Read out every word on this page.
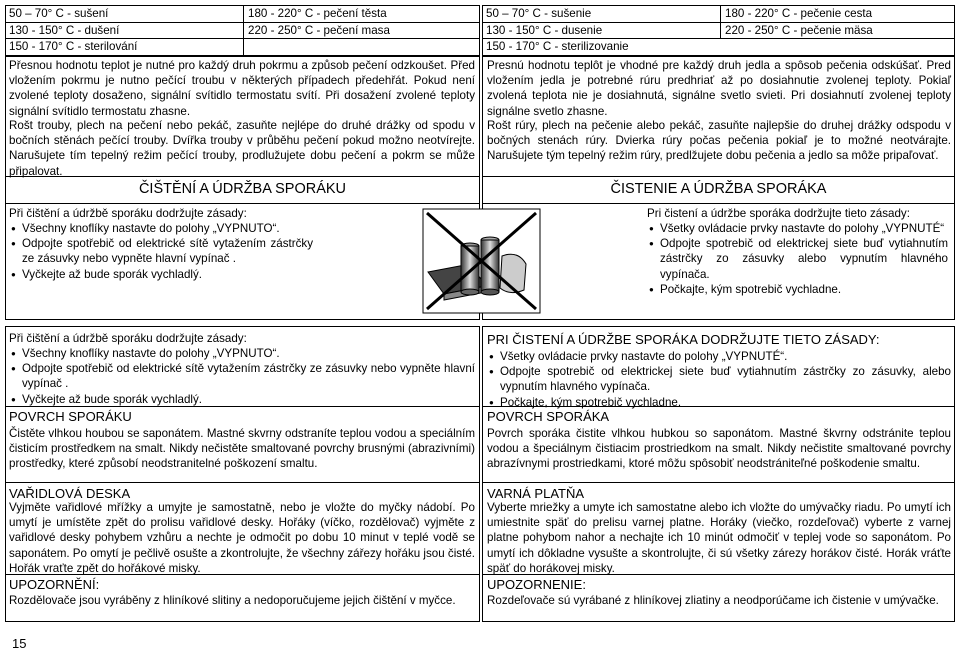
50 – 70° C - sušení	180 - 220° C - pečení těsta
130 - 150° C - dušení	220 - 250° C - pečení masa
150 - 170° C - sterilování
50 – 70° C - sušenie	180 - 220° C - pečenie cesta
130 - 150° C - dusenie	220 - 250° C - pečenie mäsa
150 - 170° C - sterilizovanie

Přesnou hodnotu teplot je nutné pro každý druh pokrmu a způsob pečení odzkoušet. Před vložením pokrmu je nutno pečící troubu v některých případech předehřát. Pokud není zvolené teploty dosaženo, signální svítidlo termostatu svítí. Při dosažení zvolené teploty signální svítidlo termostatu zhasne.

Rošt trouby, plech na pečení nebo pekáč, zasuňte nejlépe do druhé drážky od spodu v bočních stěnách pečící trouby. Dvířka trouby v průběhu pečení pokud možno neotvírejte. Narušujete tím tepelný režim pečící trouby, prodlužujete dobu pečení a pokrm se může připalovat.

Presnú hodnotu teplôt je vhodné pre každý druh jedla a spôsob pečenia odskúšať. Pred vložením jedla je potrebné rúru predhriať až po dosiahnutie zvolenej teploty. Pokiaľ zvolená teplota nie je dosiahnutá, signálne svetlo svieti. Pri dosiahnutí zvolenej teploty signálne svetlo zhasne.

Rošt rúry, plech na pečenie alebo pekáč, zasuňte najlepšie do druhej drážky odspodu v bočných stenách rúry. Dvierka rúry počas pečenia pokiaľ je to možné neotvárajte. Narušujete tým tepelný režim rúry, predlžujete dobu pečenia a jedlo sa môže pripaľovať.

ČIŠTĚNÍ A ÚDRŽBA SPORÁKU	ČISTENIE A ÚDRŽBA SPORÁKA
Při čištění a údržbě sporáku dodržujte zásady:
● Všechny knoflíky nastavte do polohy „VYPNUTO“.
● Odpojte spotřebič od elektrické sítě vytažením zástrčky ze zásuvky nebo vypněte hlavní vypínač .
● Vyčkejte až bude sporák vychladlý.
Pri čistení a údržbe sporáka dodržujte tieto zásady:
● Všetky ovládacie prvky nastavte do polohy „VYPNUTÉ“
● Odpojte spotrebič od elektrickej siete buď vytiahnutím zástrčky zo zásuvky alebo vypnutím hlavného vypínača.
● Počkajte, kým spotrebič vychladne.
Při čištění a údržbě sporáku dodržujte zásady:
● Všechny knoflíky nastavte do polohy „VYPNUTO“.
● Odpojte spotřebič od elektrické sítě vytažením zástrčky ze zásuvky nebo vypněte hlavní vypínač .
● Vyčkejte až bude sporák vychladlý.
POVRCH SPORÁKU

Čistěte vlhkou houbou se saponátem. Mastné skvrny odstraníte teplou vodou a speciálním čisticím prostředkem na smalt. Nikdy nečistěte smaltované povrchy brusnými (abrazivními) prostředky, které způsobí neodstranitelné poškození smaltu.

VAŘIDLOVÁ DESKA

Vyjměte vařidlové mřížky a umyjte je samostatně, nebo je vložte do myčky nádobí. Po umytí je umístěte zpět do prolisu vařidlové desky. Hořáky (víčko, rozdělovač) vyjměte z vařidlové desky pohybem vzhůru a nechte je odmočit po dobu 10 minut v teplé vodě se saponátem. Po omytí je pečlivě osušte a zkontrolujte, že všechny zářezy hořáku jsou čisté. Hořák vraťte zpět do hořákové misky.

UPOZORNĚNÍ:

Rozdělovače jsou vyráběny z hliníkové slitiny a nedoporučujeme jejich čištění v myčce.

PRI ČISTENÍ A ÚDRŽBE SPORÁKA DODRŽUJTE TIETO ZÁSADY:
● Všetky ovládacie prvky nastavte do polohy „VYPNUTÉ“.
● Odpojte spotrebič od elektrickej siete buď vytiahnutím zástrčky zo zásuvky, alebo vypnutím hlavného vypínača.
● Počkajte, kým spotrebič vychladne.
POVRCH SPORÁKA

Povrch sporáka čistite vlhkou hubkou so saponátom. Mastné škvrny odstránite teplou vodou a špeciálnym čistiacim prostriedkom na smalt. Nikdy nečistite smaltované povrchy abrazívnymi prostriedkami, ktoré môžu spôsobiť neodstrániteľné poškodenie smaltu.

VARNÁ PLATŇA

Vyberte mriežky a umyte ich samostatne alebo ich vložte do umývačky riadu. Po umytí ich umiestnite späť do prelisu varnej platne. Horáky (viečko, rozdeľovač) vyberte z varnej platne pohybom nahor a nechajte ich 10 minút odmočiť v teplej vode so saponátom. Po umytí ich dôkladne vysušte a skontrolujte, či sú všetky zárezy horákov čisté. Horák vráťte späť do horákovej misky.

UPOZORNENIE:

Rozdeľovače sú vyrábané z hliníkovej zliatiny a neodporúčame ich čistenie v umývačke.

15
